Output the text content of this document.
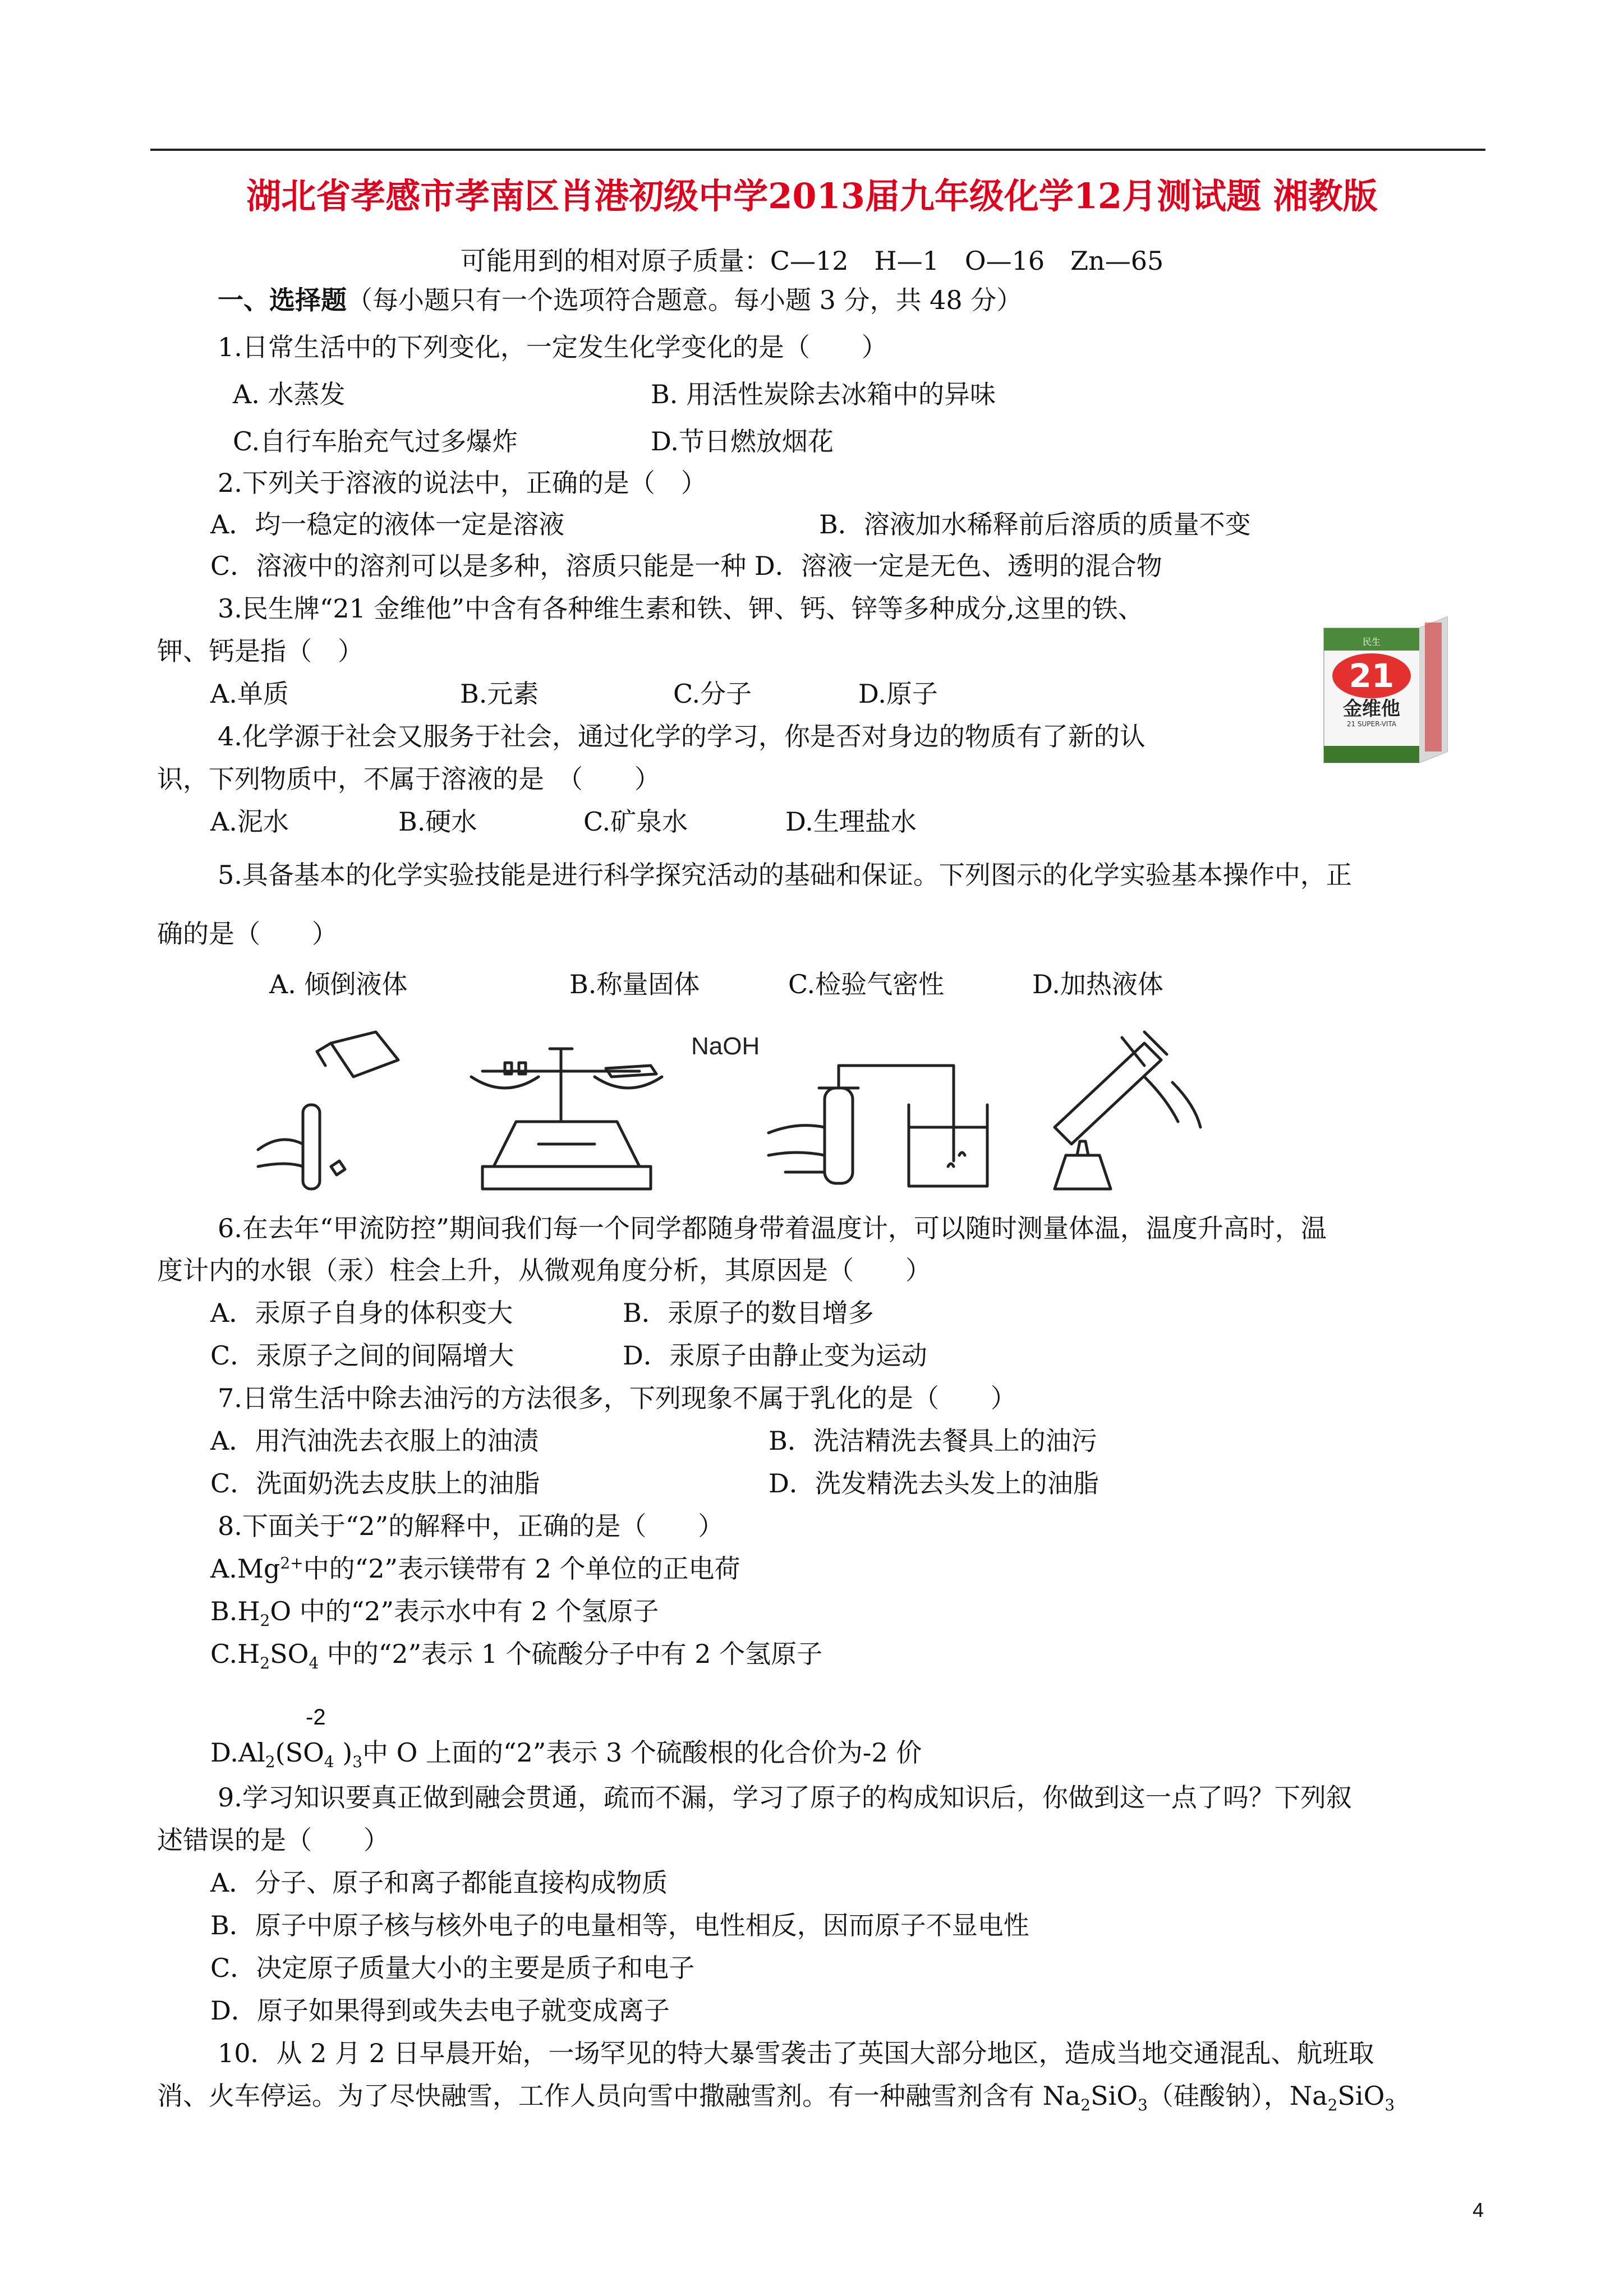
湖北省孝感市孝南区肖港初级中学2013届九年级化学12月测试题 湘教版
可能用到的相对原子质量：C—12　H—1　O—16　Zn—65
一、选择题（每小题只有一个选项符合题意。每小题 3 分，共 48 分）
1.日常生活中的下列变化，一定发生化学变化的是（　　）
A. 水蒸发	B. 用活性炭除去冰箱中的异味
C.自行车胎充气过多爆炸	D.节日燃放烟花
2.下列关于溶液的说法中，正确的是（　）
A．均一稳定的液体一定是溶液	B．溶液加水稀释前后溶质的质量不变
C．溶液中的溶剂可以是多种，溶质只能是一种 D．溶液一定是无色、透明的混合物
3.民生牌“21 金维他”中含有各种维生素和铁、钾、钙、锌等多种成分,这里的铁、
钾、钙是指（　）
A.单质	B.元素	C.分子	D.原子
民生
21
金维他
21 SUPER-VITA
4.化学源于社会又服务于社会，通过化学的学习，你是否对身边的物质有了新的认
识，下列物质中，不属于溶液的是　（　　）
A.泥水	B.硬水	C.矿泉水	D.生理盐水
5.具备基本的化学实验技能是进行科学探究活动的基础和保证。下列图示的化学实验基本操作中，正
确的是（　　）
A. 倾倒液体	B.称量固体	C.检验气密性	D.加热液体
NaOH
6.在去年“甲流防控”期间我们每一个同学都随身带着温度计，可以随时测量体温，温度升高时，温
度计内的水银（汞）柱会上升，从微观角度分析，其原因是（　　）
A．汞原子自身的体积变大	B．汞原子的数目增多
C．汞原子之间的间隔增大	D．汞原子由静止变为运动
7.日常生活中除去油污的方法很多，下列现象不属于乳化的是（　　）
A．用汽油洗去衣服上的油渍	B．洗洁精洗去餐具上的油污
C．洗面奶洗去皮肤上的油脂	D．洗发精洗去头发上的油脂
8.下面关于“2”的解释中，正确的是（　　）
$A.Mg^{2+}$中的“2”表示镁带有 2 个单位的正电荷
$B.H_2O$ 中的“2”表示水中有 2 个氢原子
$C.H_2SO_4$ 中的“2”表示 1 个硫酸分子中有 2 个氢原子
-2
$D.Al_2(SO_4$ )$_3$中 O 上面的“2”表示 3 个硫酸根的化合价为-2 价
9.学习知识要真正做到融会贯通，疏而不漏，学习了原子的构成知识后，你做到这一点了吗？下列叙
述错误的是（　　）
A．分子、原子和离子都能直接构成物质
B．原子中原子核与核外电子的电量相等，电性相反，因而原子不显电性
C．决定原子质量大小的主要是质子和电子
D．原子如果得到或失去电子就变成离子
10．从 2 月 2 日早晨开始，一场罕见的特大暴雪袭击了英国大部分地区，造成当地交通混乱、航班取
消、火车停运。为了尽快融雪，工作人员向雪中撒融雪剂。有一种融雪剂含有 $Na_2SiO_3$（硅酸钠），$Na_2SiO_3$
4
